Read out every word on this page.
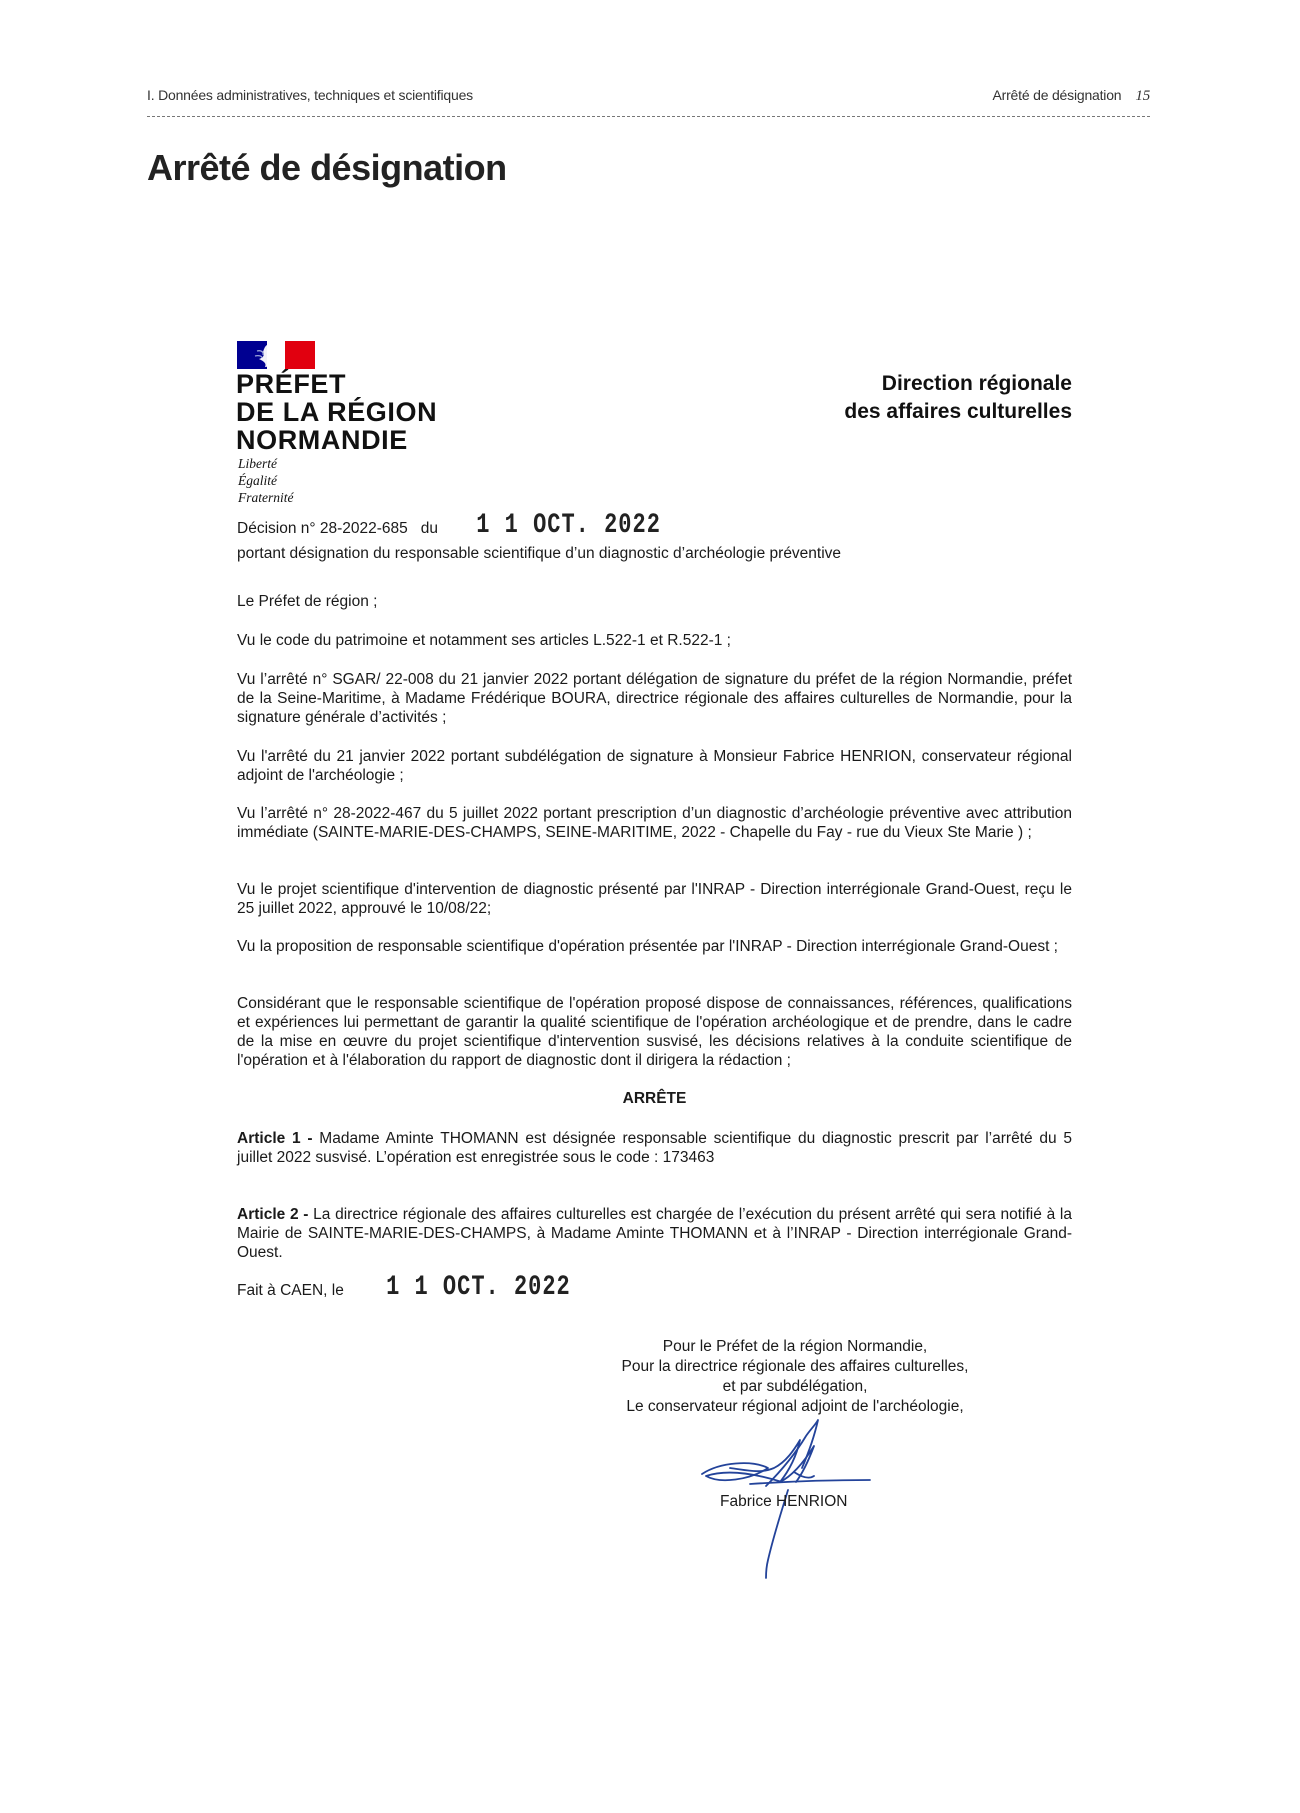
I. Données administratives, techniques et scientifiques	Arrêté de désignation 15
Arrêté de désignation
PRÉFET
DE LA RÉGION
NORMANDIE
Liberté
Égalité
Fraternité
Direction régionale
des affaires culturelles
Décision n° 28-2022-685   du 1 1 OCT. 2022
portant désignation du responsable scientifique d’un diagnostic d’archéologie préventive
Le Préfet de région ;
Vu le code du patrimoine et notamment ses articles L.522-1 et R.522-1 ;
Vu l’arrêté n° SGAR/ 22-008 du 21 janvier 2022 portant délégation de signature du préfet de la région Normandie, préfet de la Seine-Maritime, à Madame Frédérique BOURA, directrice régionale des affaires culturelles de Normandie, pour la signature générale d’activités ;
Vu l'arrêté du 21 janvier 2022 portant subdélégation de signature à Monsieur Fabrice HENRION, conservateur régional adjoint de l'archéologie ;
Vu l’arrêté n° 28-2022-467 du 5 juillet 2022 portant prescription d’un diagnostic d’archéologie préventive avec attribution immédiate (SAINTE-MARIE-DES-CHAMPS, SEINE-MARITIME, 2022 - Chapelle du Fay - rue du Vieux Ste Marie ) ;
Vu le projet scientifique d'intervention de diagnostic présenté par l'INRAP - Direction interrégionale Grand-Ouest, reçu le 25 juillet 2022, approuvé le 10/08/22;
Vu la proposition de responsable scientifique d'opération présentée par l'INRAP - Direction interrégionale Grand-Ouest ;
Considérant que le responsable scientifique de l'opération proposé dispose de connaissances, références, qualifications et expériences lui permettant de garantir la qualité scientifique de l'opération archéologique et de prendre, dans le cadre de la mise en œuvre du projet scientifique d'intervention susvisé, les décisions relatives à la conduite scientifique de l'opération et à l'élaboration du rapport de diagnostic dont il dirigera la rédaction ;
ARRÊTE
Article 1 - Madame Aminte THOMANN est désignée responsable scientifique du diagnostic prescrit par l’arrêté du 5 juillet 2022 susvisé. L’opération est enregistrée sous le code : 173463
Article 2 - La directrice régionale des affaires culturelles est chargée de l’exécution du présent arrêté qui sera notifié à la Mairie de SAINTE-MARIE-DES-CHAMPS, à Madame Aminte THOMANN et à l’INRAP - Direction interrégionale Grand-Ouest.
Fait à CAEN, le 1 1 OCT. 2022
Pour le Préfet de la région Normandie,
Pour la directrice régionale des affaires culturelles,
et par subdélégation,
Le conservateur régional adjoint de l'archéologie,
Fabrice HENRION
